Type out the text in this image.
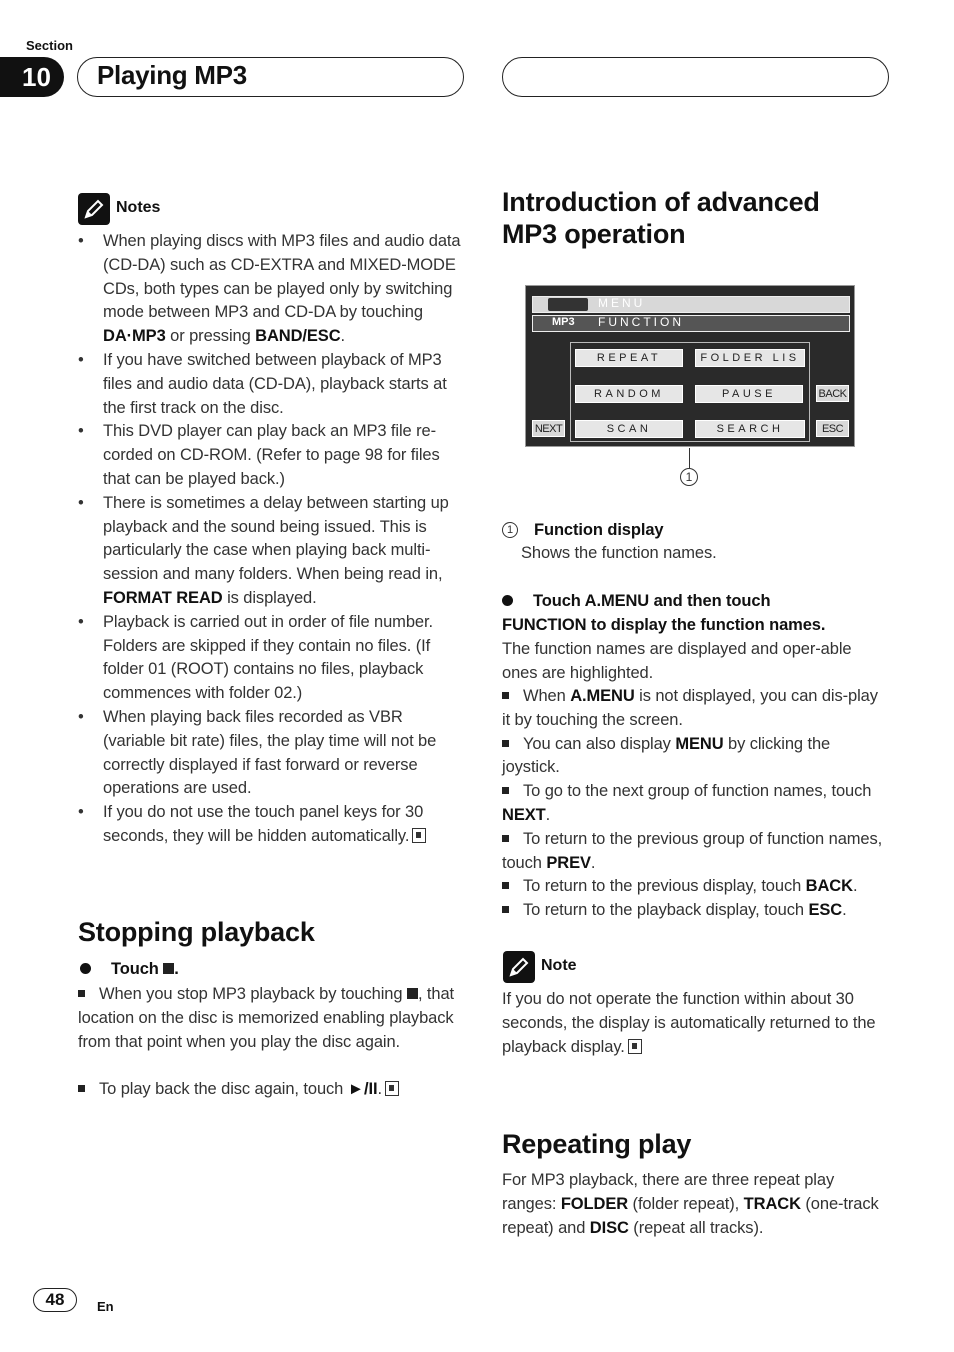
Section
10	Playing MP3
Notes
• When playing discs with MP3 files and audio data (CD-DA) such as CD-EXTRA and MIXED-MODE CDs, both types can be played only by switching mode between MP3 and CD-DA by touching DA·MP3 or pressing BAND/ESC.
• If you have switched between playback of MP3 files and audio data (CD-DA), playback starts at the first track on the disc.
• This DVD player can play back an MP3 file re-corded on CD-ROM. (Refer to page 98 for files that can be played back.)
• There is sometimes a delay between starting up playback and the sound being issued. This is particularly the case when playing back multi-session and many folders. When being read in, FORMAT READ is displayed.
• Playback is carried out in order of file number. Folders are skipped if they contain no files. (If folder 01 (ROOT) contains no files, playback commences with folder 02.)
• When playing back files recorded as VBR (variable bit rate) files, the play time will not be correctly displayed if fast forward or reverse operations are used.
• If you do not use the touch panel keys for 30 seconds, they will be hidden automatically.
Stopping playback
Touch .
When you stop MP3 playback by touching , that location on the disc is memorized enabling playback from that point when you play the disc again.
To play back the disc again, touch ►/II.
Introduction of advanced
MP3 operation
MENU
MP3 FUNCTION
REPEAT	FOLDER LIS
RANDOM	PAUSE
SCAN	SEARCH
BACK
NEXT	ESC
1
1 Function display
Shows the function names.
Touch A.MENU and then touch
FUNCTION to display the function names.
The function names are displayed and oper-able ones are highlighted.
When A.MENU is not displayed, you can dis-play it by touching the screen.
You can also display MENU by clicking the joystick.
To go to the next group of function names, touch NEXT.
To return to the previous group of function names, touch PREV.
To return to the previous display, touch BACK.
To return to the playback display, touch ESC.
Note
If you do not operate the function within about 30 seconds, the display is automatically returned to the playback display.
Repeating play
For MP3 playback, there are three repeat play ranges: FOLDER (folder repeat), TRACK (one-track repeat) and DISC (repeat all tracks).
48	En
